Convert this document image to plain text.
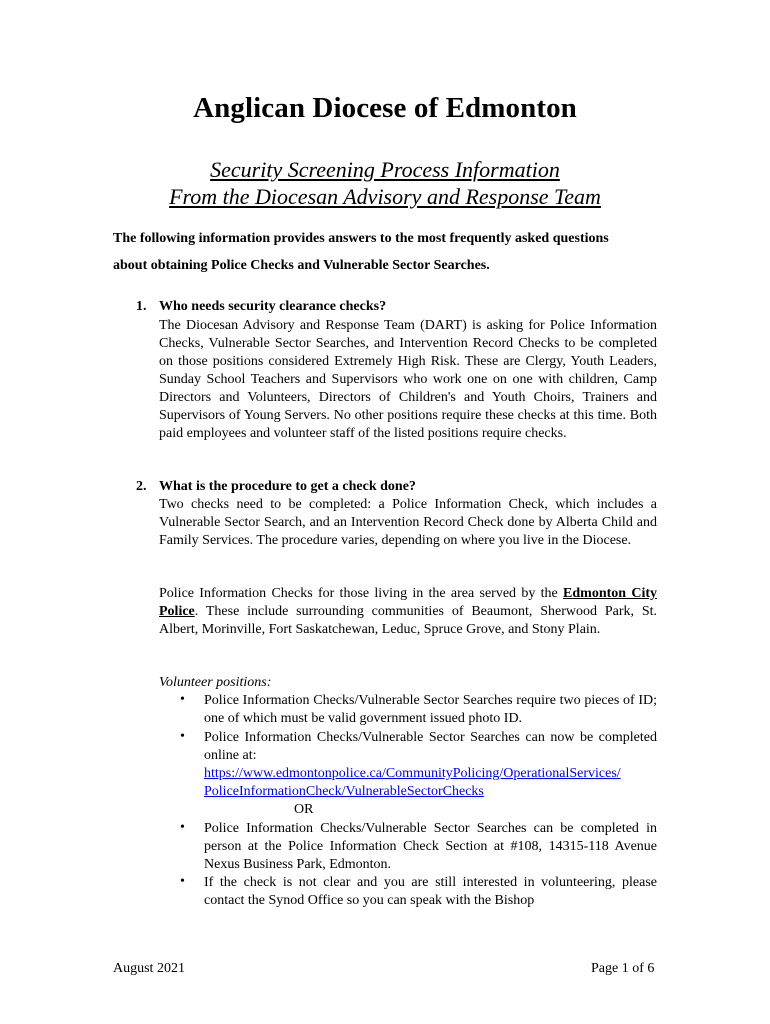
Anglican Diocese of Edmonton
Security Screening Process Information
From the Diocesan Advisory and Response Team
The following information provides answers to the most frequently asked questions
about obtaining Police Checks and Vulnerable Sector Searches.
1. Who needs security clearance checks?
The Diocesan Advisory and Response Team (DART) is asking for Police Information Checks, Vulnerable Sector Searches, and Intervention Record Checks to be completed on those positions considered Extremely High Risk. These are Clergy, Youth Leaders, Sunday School Teachers and Supervisors who work one on one with children, Camp Directors and Volunteers, Directors of Children's and Youth Choirs, Trainers and Supervisors of Young Servers. No other positions require these checks at this time. Both paid employees and volunteer staff of the listed positions require checks.
2. What is the procedure to get a check done?
Two checks need to be completed: a Police Information Check, which includes a Vulnerable Sector Search, and an Intervention Record Check done by Alberta Child and Family Services. The procedure varies, depending on where you live in the Diocese.
Police Information Checks for those living in the area served by the Edmonton City Police. These include surrounding communities of Beaumont, Sherwood Park, St. Albert, Morinville, Fort Saskatchewan, Leduc, Spruce Grove, and Stony Plain.
Volunteer positions:
• Police Information Checks/Vulnerable Sector Searches require two pieces of ID; one of which must be valid government issued photo ID.
• Police Information Checks/Vulnerable Sector Searches can now be completed online at:
https://www.edmontonpolice.ca/CommunityPolicing/OperationalServices/
PoliceInformationCheck/VulnerableSectorChecks
OR
• Police Information Checks/Vulnerable Sector Searches can be completed in person at the Police Information Check Section at #108, 14315-118 Avenue Nexus Business Park, Edmonton.
• If the check is not clear and you are still interested in volunteering, please contact the Synod Office so you can speak with the Bishop
August 2021	Page 1 of 6
